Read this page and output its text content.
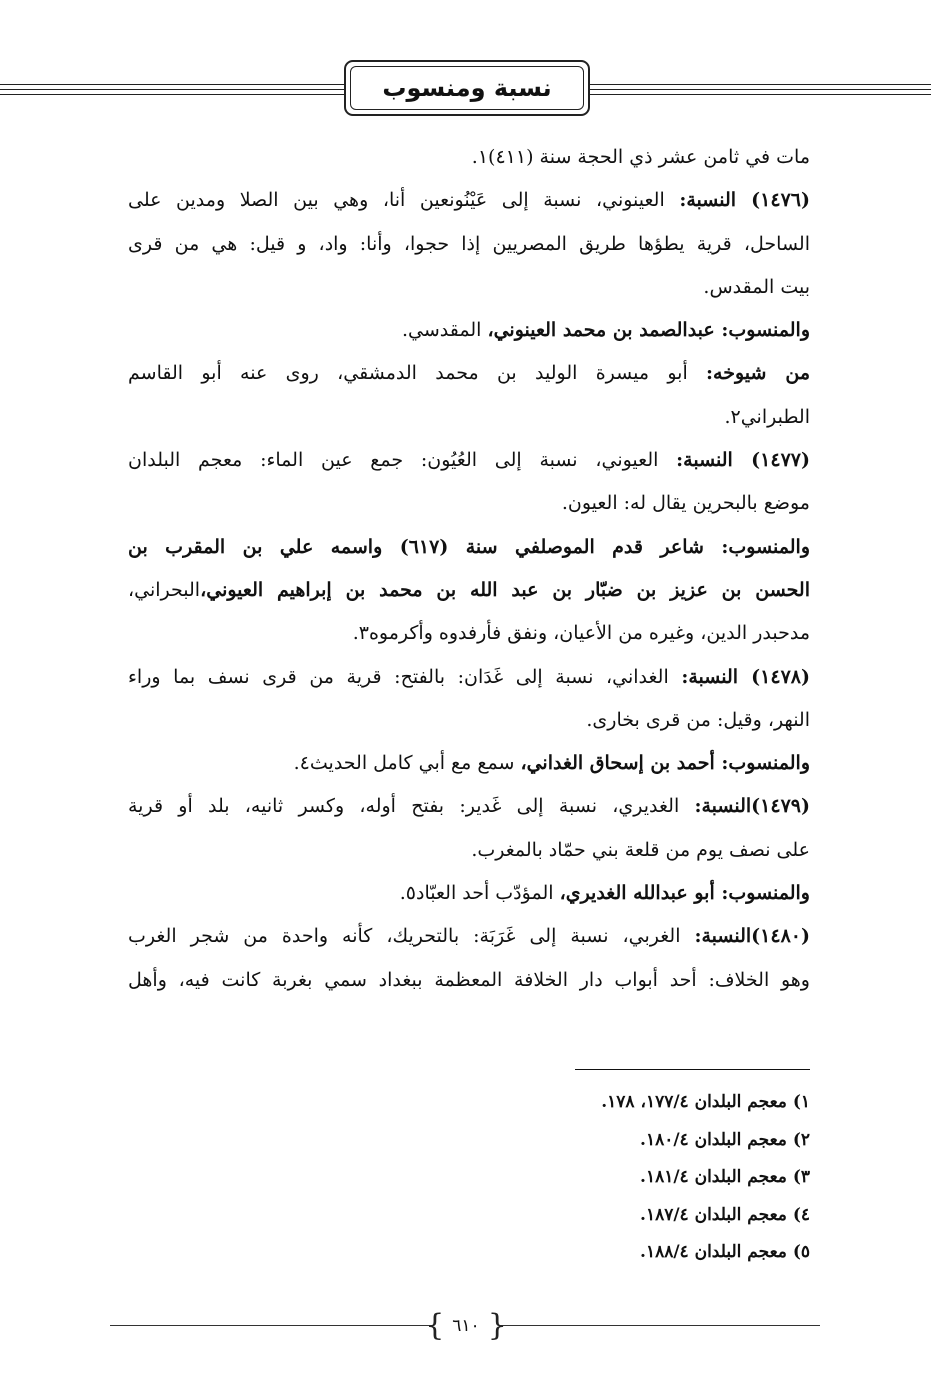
نسبة ومنسوب
مات في ثامن عشر ذي الحجة سنة (٤١١)١.
(١٤٧٦) النسبة: العينوني، نسبة إلى عَيْنُونعين أنا، وهي بين الصلا ومدين على
الساحل، قرية يطؤها طريق المصريين إذا حجوا، وأنا: واد، و قيل: هي من قرى
بيت المقدس.
والمنسوب: عبدالصمد بن محمد العينوني، المقدسي.
من شيوخه: أبو ميسرة الوليد بن محمد الدمشقي، روى عنه أبو القاسم
الطبراني٢.
(١٤٧٧) النسبة: العيوني، نسبة إلى العُيُون: جمع عين الماء: معجم البلدان
موضع بالبحرين يقال له: العيون.
والمنسوب: شاعر قدم الموصلفي سنة (٦١٧) واسمه علي بن المقرب بن
الحسن بن عزيز بن ضبّار بن عبد الله بن محمد بن إبراهيم العيوني،البحراني،
مدحبدر الدين، وغيره من الأعيان، ونفق فأرفدوه وأكرموه٣.
(١٤٧٨) النسبة: الغداني، نسبة إلى غَدَان: بالفتح: قرية من قرى نسف بما وراء
النهر، وقيل: من قرى بخارى.
والمنسوب: أحمد بن إسحاق الغداني، سمع مع أبي كامل الحديث٤.
(١٤٧٩)النسبة: الغديري، نسبة إلى غَدير: بفتح أوله، وكسر ثانيه، بلد أو قرية
على نصف يوم من قلعة بني حمّاد بالمغرب.
والمنسوب: أبو عبدالله الغديري، المؤدّب أحد العبّاد٥.
(١٤٨٠)النسبة: الغربي، نسبة إلى غَرَبَة: بالتحريك، كأنه واحدة من شجر الغرب
وهو الخلاف: أحد أبواب دار الخلافة المعظمة ببغداد سمي بغربة كانت فيه، وأهل
١) معجم البلدان ١٧٧/٤، ١٧٨.
٢) معجم البلدان ١٨٠/٤.
٣) معجم البلدان ١٨١/٤.
٤) معجم البلدان ١٨٧/٤.
٥) معجم البلدان ١٨٨/٤.
{ ٦١٠ }
